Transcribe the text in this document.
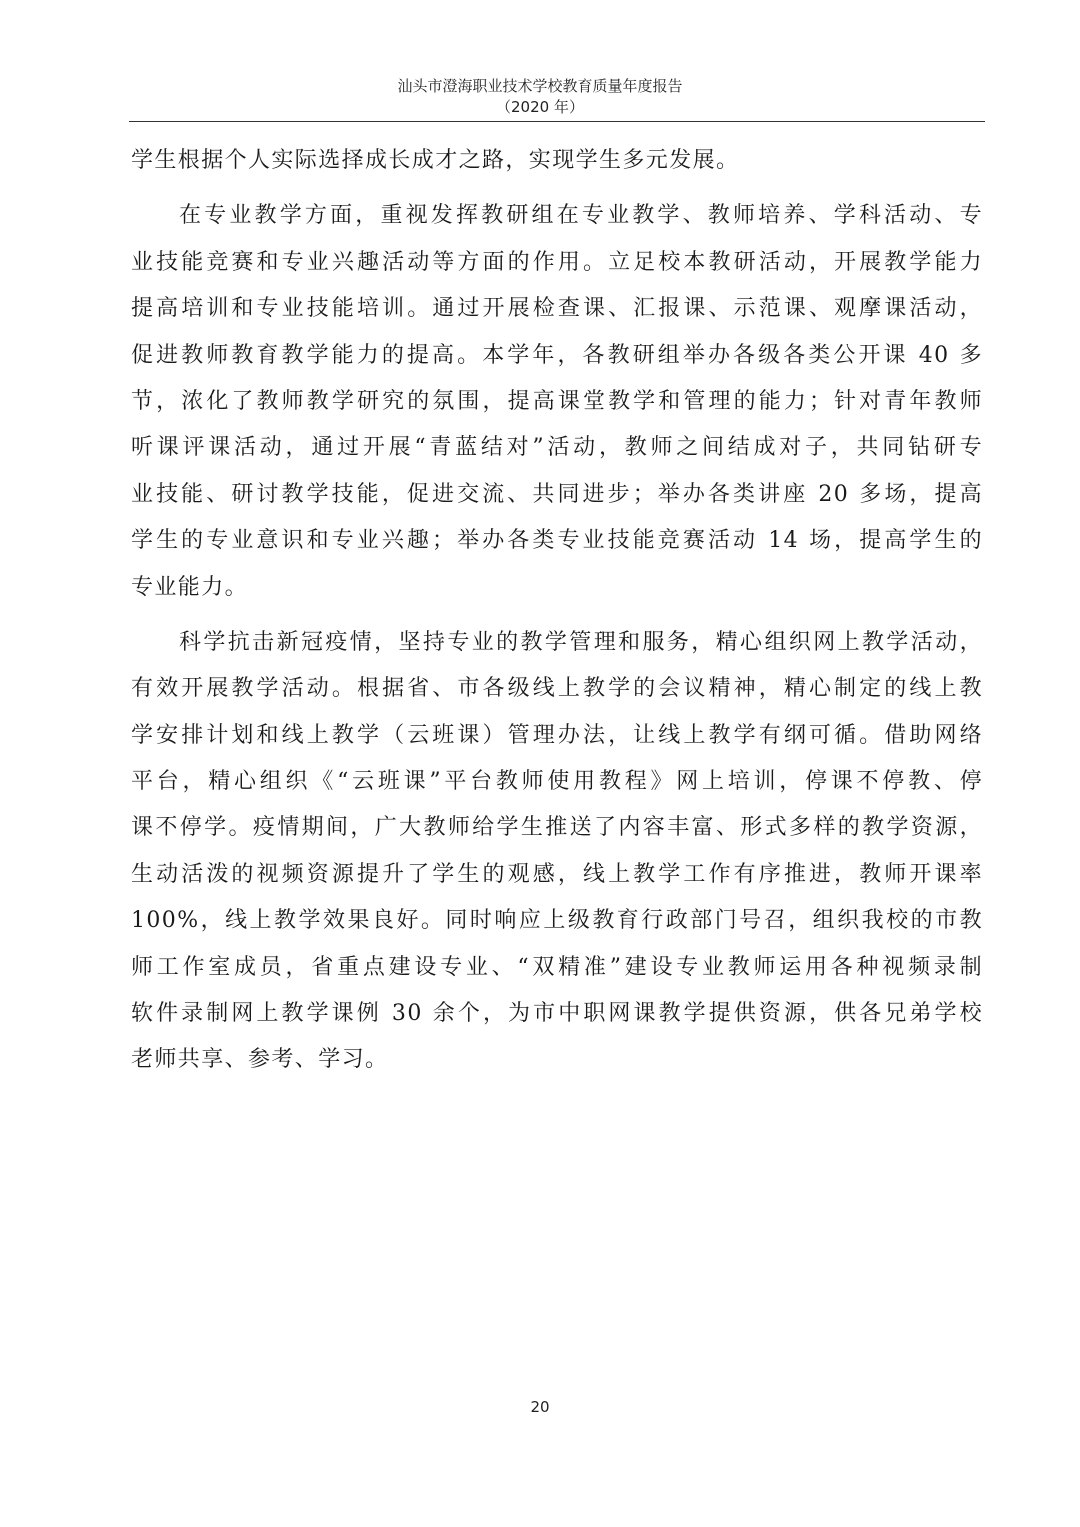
汕头市澄海职业技术学校教育质量年度报告
（2020 年）
学生根据个人实际选择成长成才之路，实现学生多元发展。
在专业教学方面，重视发挥教研组在专业教学、教师培养、学科活动、专
业技能竞赛和专业兴趣活动等方面的作用。立足校本教研活动，开展教学能力
提高培训和专业技能培训。通过开展检查课、汇报课、示范课、观摩课活动，
促进教师教育教学能力的提高。本学年，各教研组举办各级各类公开课 40 多
节，浓化了教师教学研究的氛围，提高课堂教学和管理的能力；针对青年教师
听课评课活动，通过开展“青蓝结对”活动，教师之间结成对子，共同钻研专
业技能、研讨教学技能，促进交流、共同进步；举办各类讲座 20 多场，提高
学生的专业意识和专业兴趣；举办各类专业技能竞赛活动 14 场，提高学生的
专业能力。
科学抗击新冠疫情，坚持专业的教学管理和服务，精心组织网上教学活动，
有效开展教学活动。根据省、市各级线上教学的会议精神，精心制定的线上教
学安排计划和线上教学（云班课）管理办法，让线上教学有纲可循。借助网络
平台，精心组织《“云班课”平台教师使用教程》网上培训，停课不停教、停
课不停学。疫情期间，广大教师给学生推送了内容丰富、形式多样的教学资源，
生动活泼的视频资源提升了学生的观感，线上教学工作有序推进，教师开课率
100%，线上教学效果良好。同时响应上级教育行政部门号召，组织我校的市教
师工作室成员，省重点建设专业、“双精准”建设专业教师运用各种视频录制
软件录制网上教学课例 30 余个，为市中职网课教学提供资源，供各兄弟学校
老师共享、参考、学习。
20
